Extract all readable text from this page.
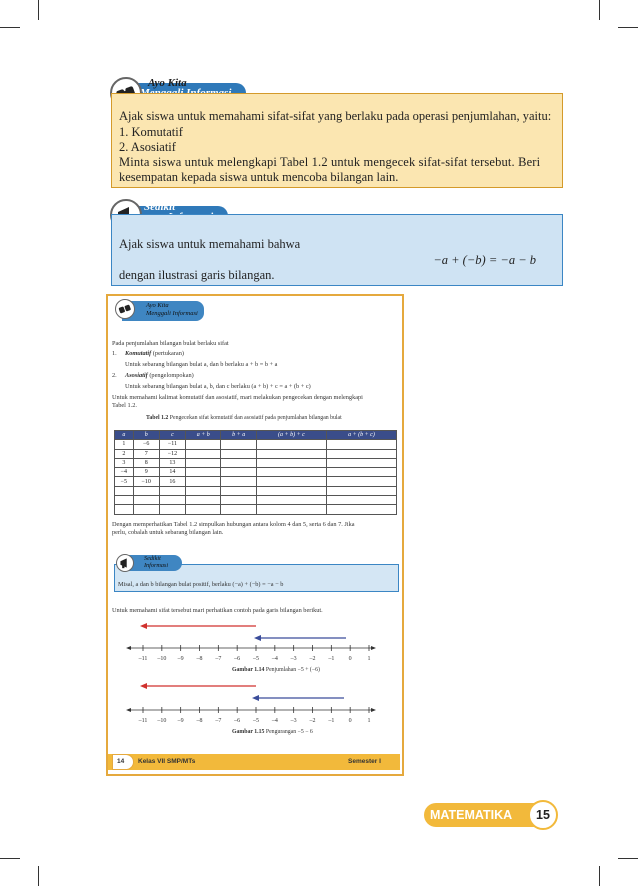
Ayo Kita
Ajak siswa untuk memahami sifat-sifat yang berlaku pada operasi penjumlahan, yaitu:
1. Komutatif
2. Asosiatif
Minta siswa untuk melengkapi Tabel 1.2 untuk mengecek sifat-sifat tersebut. Beri
kesempatan kepada siswa untuk mencoba bilangan lain.
Sedikit
Ajak siswa untuk memahami bahwa
−a + (−b) = −a − b
dengan ilustrasi garis bilangan.
Ayo Kita
Menggali Informasi
Pada penjumlahan bilangan bulat berlaku sifat
1. Komutatif (pertukaran)
Untuk sebarang bilangan bulat a, dan b berlaku a + b = b + a
2. Asosiatif (pengelompokan)
Untuk sebarang bilangan bulat a, b, dan c berlaku (a + b) + c = a + (b + c)
Untuk memahami kalimat komutatif dan asosiatif, mari melakukan pengecekan dengan melengkapi
Tabel 1.2.
Tabel 1.2 Pengecekan sifat komutatif dan asosiatif pada penjumlahan bilangan bulat
a	b	c	a + b	b + a	(a + b) + c	a + (b + c)
1	−6	−11				
2	7	−12				
3	8	13				
−4	9	14				
−5	−10	16				

Dengan memperhatikan Tabel 1.2 simpulkan hubungan antara kolom 4 dan 5, serta 6 dan 7. Jika
perlu, cobalah untuk sebarang bilangan lain.
Sedikit
Informasi
Misal, a dan b bilangan bulat positif, berlaku (−a) + (−b) = −a − b
Untuk memahami sifat tersebut mari perhatikan contoh pada garis bilangan berikut.
–11 –10 –9 –8 –7 –6 –5 –4 –3 –2 –1 0	1
Gambar 1.14 Penjumlahan −5 + (−6)
–11 –10 –9 –8 –7 –6 –5 –4 –3 –2 –1 0	1
Gambar 1.15 Pengurangan −5 − 6
14 Kelas VII SMP/MTs	Semester I
MATEMATIKA	15
